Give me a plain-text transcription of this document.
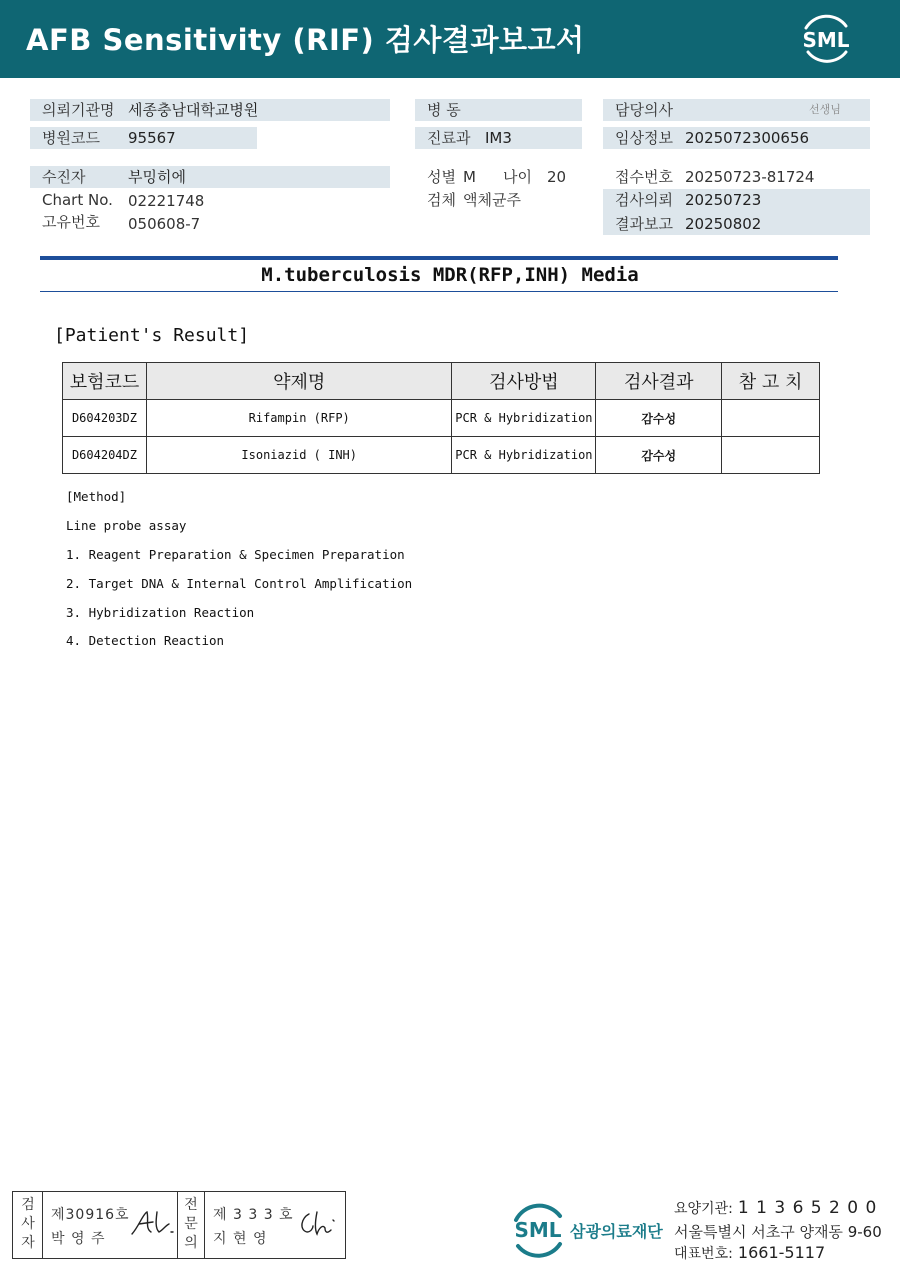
AFB Sensitivity (RIF) 검사결과보고서	SML
의뢰기관명 세종충남대학교병원
병원코드 95567
수진자	부밍히에
Chart No. 02221748
고유번호 050608-7
병 동
진료과 IM3
성별 M 나이 20
검체 액체균주
담당의사	선생님
임상정보 2025072300656
접수번호 20250723-81724
검사의뢰 20250723
결과보고 20250802
M.tuberculosis MDR(RFP,INH) Media
[Patient's Result]
보험코드	약제명	검사방법	검사결과	참 고 치
D604203DZ	Rifampin (RFP)	PCR & Hybridization	감수성	
D604204DZ	Isoniazid ( INH)	PCR & Hybridization	감수성	
[Method]
Line probe assay
1. Reagent Preparation & Specimen Preparation
2. Target DNA & Internal Control Amplification
3. Hybridization Reaction
4. Detection Reaction
검
사
자
제30916호
박 영 주
전
문
의
제 3 3 3 호
지 현 영	SML 삼광의료재단
요양기관: 1 1 3 6 5 2 0 0
서울특별시 서초구 양재동 9-60
대표번호: 1661-5117
